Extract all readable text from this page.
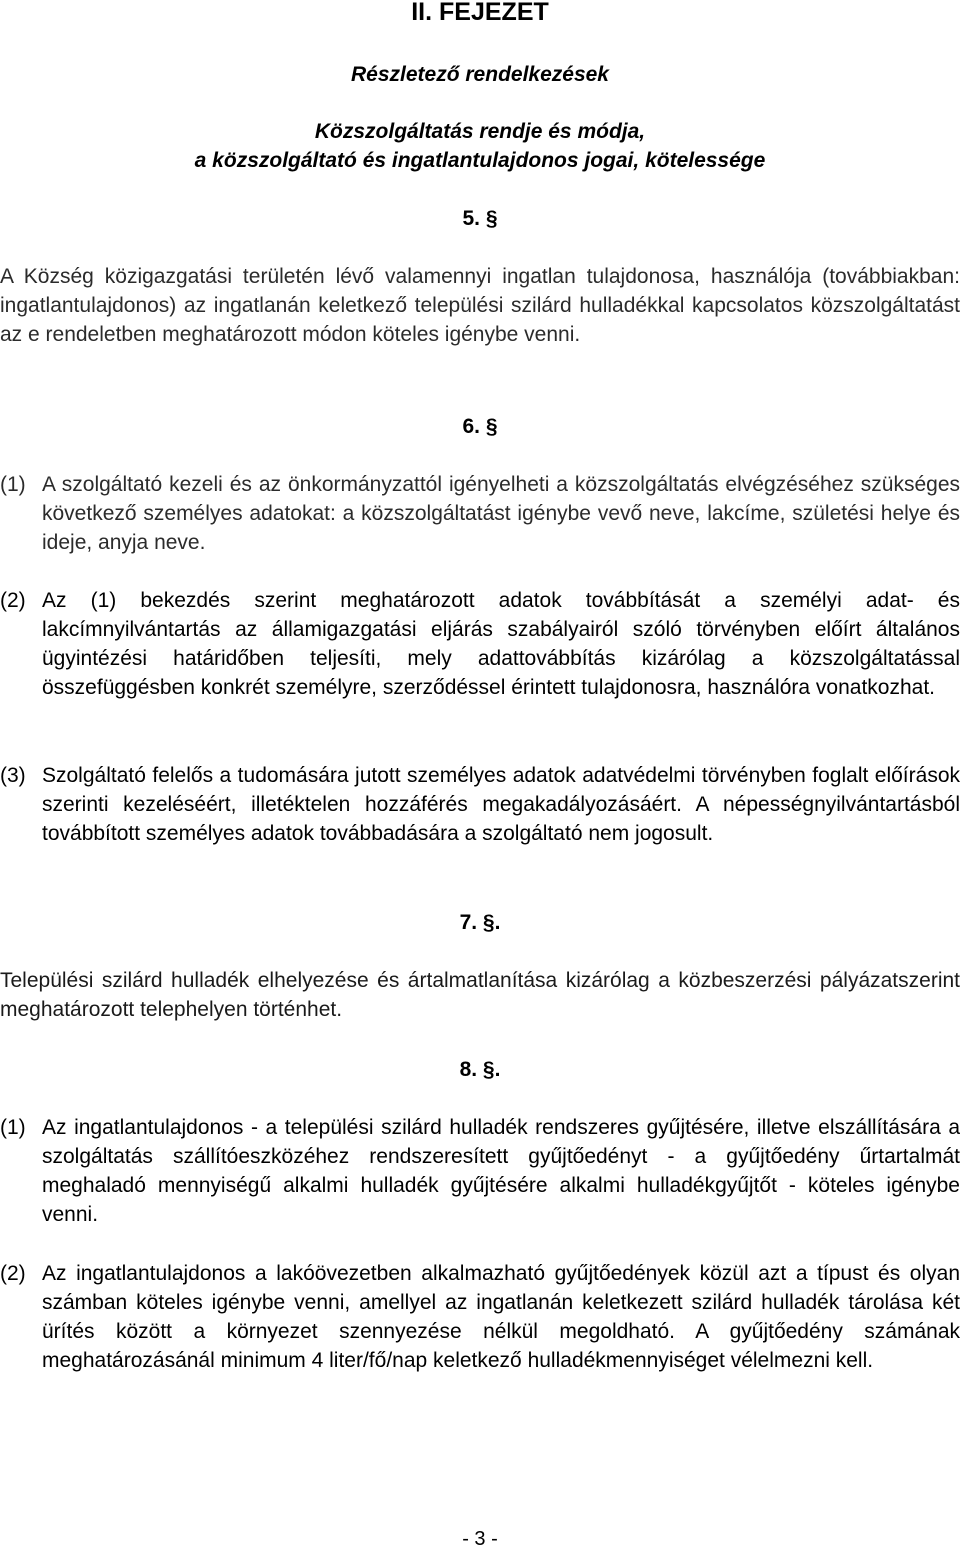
II. FEJEZET
Részletező rendelkezések
Közszolgáltatás rendje és módja,
a közszolgáltató és ingatlantulajdonos jogai, kötelessége
5. §
A Község közigazgatási területén lévő valamennyi ingatlan tulajdonosa, használója (továbbiakban: ingatlantulajdonos) az ingatlanán keletkező települési szilárd hulladékkal kapcsolatos közszolgáltatást az e rendeletben meghatározott módon köteles igénybe venni.
6. §
(1) A szolgáltató kezeli és az önkormányzattól igényelheti a közszolgáltatás elvégzéséhez szükséges következő személyes adatokat: a közszolgáltatást igénybe vevő neve, lakcíme, születési helye és ideje, anyja neve.
(2) Az (1) bekezdés szerint meghatározott adatok továbbítását a személyi adat- és lakcímnyilvántartás az államigazgatási eljárás szabályairól szóló törvényben előírt általános ügyintézési határidőben teljesíti, mely adattovábbítás kizárólag a közszolgáltatással összefüggésben konkrét személyre, szerződéssel érintett tulajdonosra, használóra vonatkozhat.
(3) Szolgáltató felelős a tudomására jutott személyes adatok adatvédelmi törvényben foglalt előírások szerinti kezeléséért, illetéktelen hozzáférés megakadályozásáért. A népességnyilvántartásból továbbított személyes adatok továbbadására a szolgáltató nem jogosult.
7. §.
Települési szilárd hulladék elhelyezése és ártalmatlanítása kizárólag a közbeszerzési pályázatszerint meghatározott telephelyen történhet.
8. §.
(1) Az ingatlantulajdonos - a települési szilárd hulladék rendszeres gyűjtésére, illetve elszállítására a szolgáltatás szállítóeszközéhez rendszeresített gyűjtőedényt - a gyűjtőedény űrtartalmát meghaladó mennyiségű alkalmi hulladék gyűjtésére alkalmi hulladékgyűjtőt - köteles igénybe venni.
(2) Az ingatlantulajdonos a lakóövezetben alkalmazható gyűjtőedények közül azt a típust és olyan számban köteles igénybe venni, amellyel az ingatlanán keletkezett szilárd hulladék tárolása két ürítés között a környezet szennyezése nélkül megoldható. A gyűjtőedény számának meghatározásánál minimum 4 liter/fő/nap keletkező hulladékmennyiséget vélelmezni kell.
- 3 -
